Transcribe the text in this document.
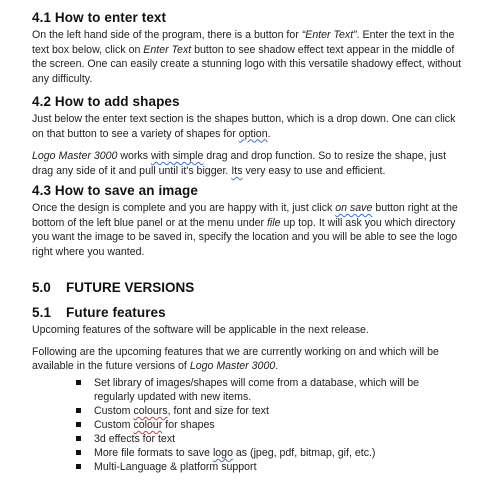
4.1 How to enter text

On the left hand side of the program, there is a button for “Enter Text”. Enter the text in the text box below, click on Enter Text button to see shadow effect text appear in the middle of the screen. One can easily create a stunning logo with this versatile shadowy effect, without any difficulty.

4.2 How to add shapes

Just below the enter text section is the shapes button, which is a drop down. One can click on that button to see a variety of shapes for option.

Logo Master 3000 works with simple drag and drop function. So to resize the shape, just drag any side of it and pull until it's bigger. Its very easy to use and efficient.

4.3 How to save an image

Once the design is complete and you are happy with it, just click on save button right at the bottom of the left blue panel or at the menu under file up top. It will ask you which directory you want the image to be saved in, specify the location and you will be able to see the logo right where you wanted.

5.0 FUTURE VERSIONS
5.1 Future features

Upcoming features of the software will be applicable in the next release.

Following are the upcoming features that we are currently working on and which will be available in the future versions of Logo Master 3000.

Set library of images/shapes will come from a database, which will be regularly updated with new items.
Custom colours, font and size for text
Custom colour for shapes
3d effects for text
More file formats to save logo as (jpeg, pdf, bitmap, gif, etc.)
Multi-Language & platform support
